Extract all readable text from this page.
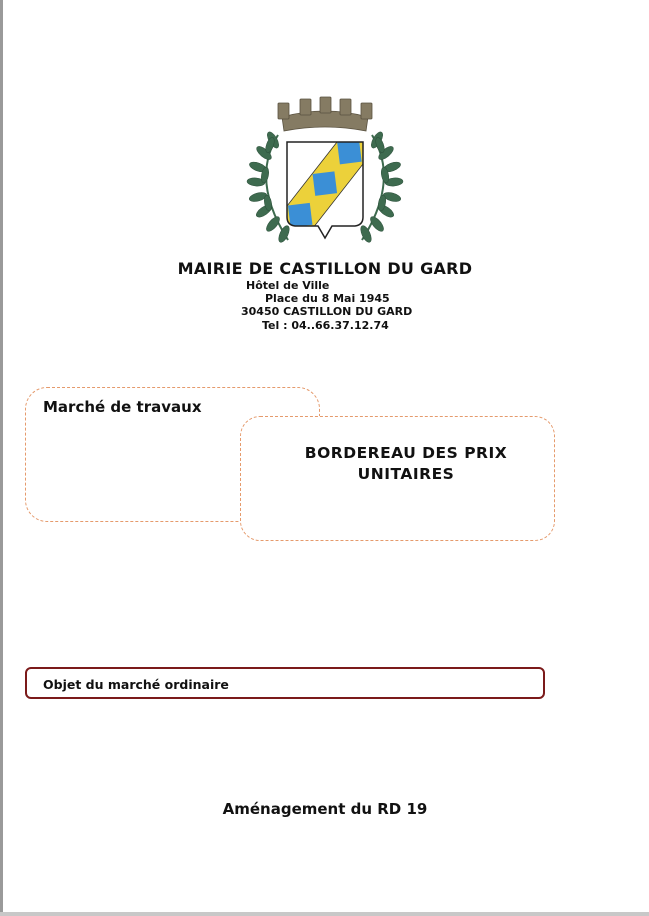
MAIRIE DE CASTILLON DU GARD
Hôtel de Ville
Place du 8 Mai 1945
30450 CASTILLON DU GARD
Tel : 04..66.37.12.74
Marché de travaux
BORDEREAU DES PRIX
UNITAIRES
Objet du marché ordinaire
Aménagement du RD 19
